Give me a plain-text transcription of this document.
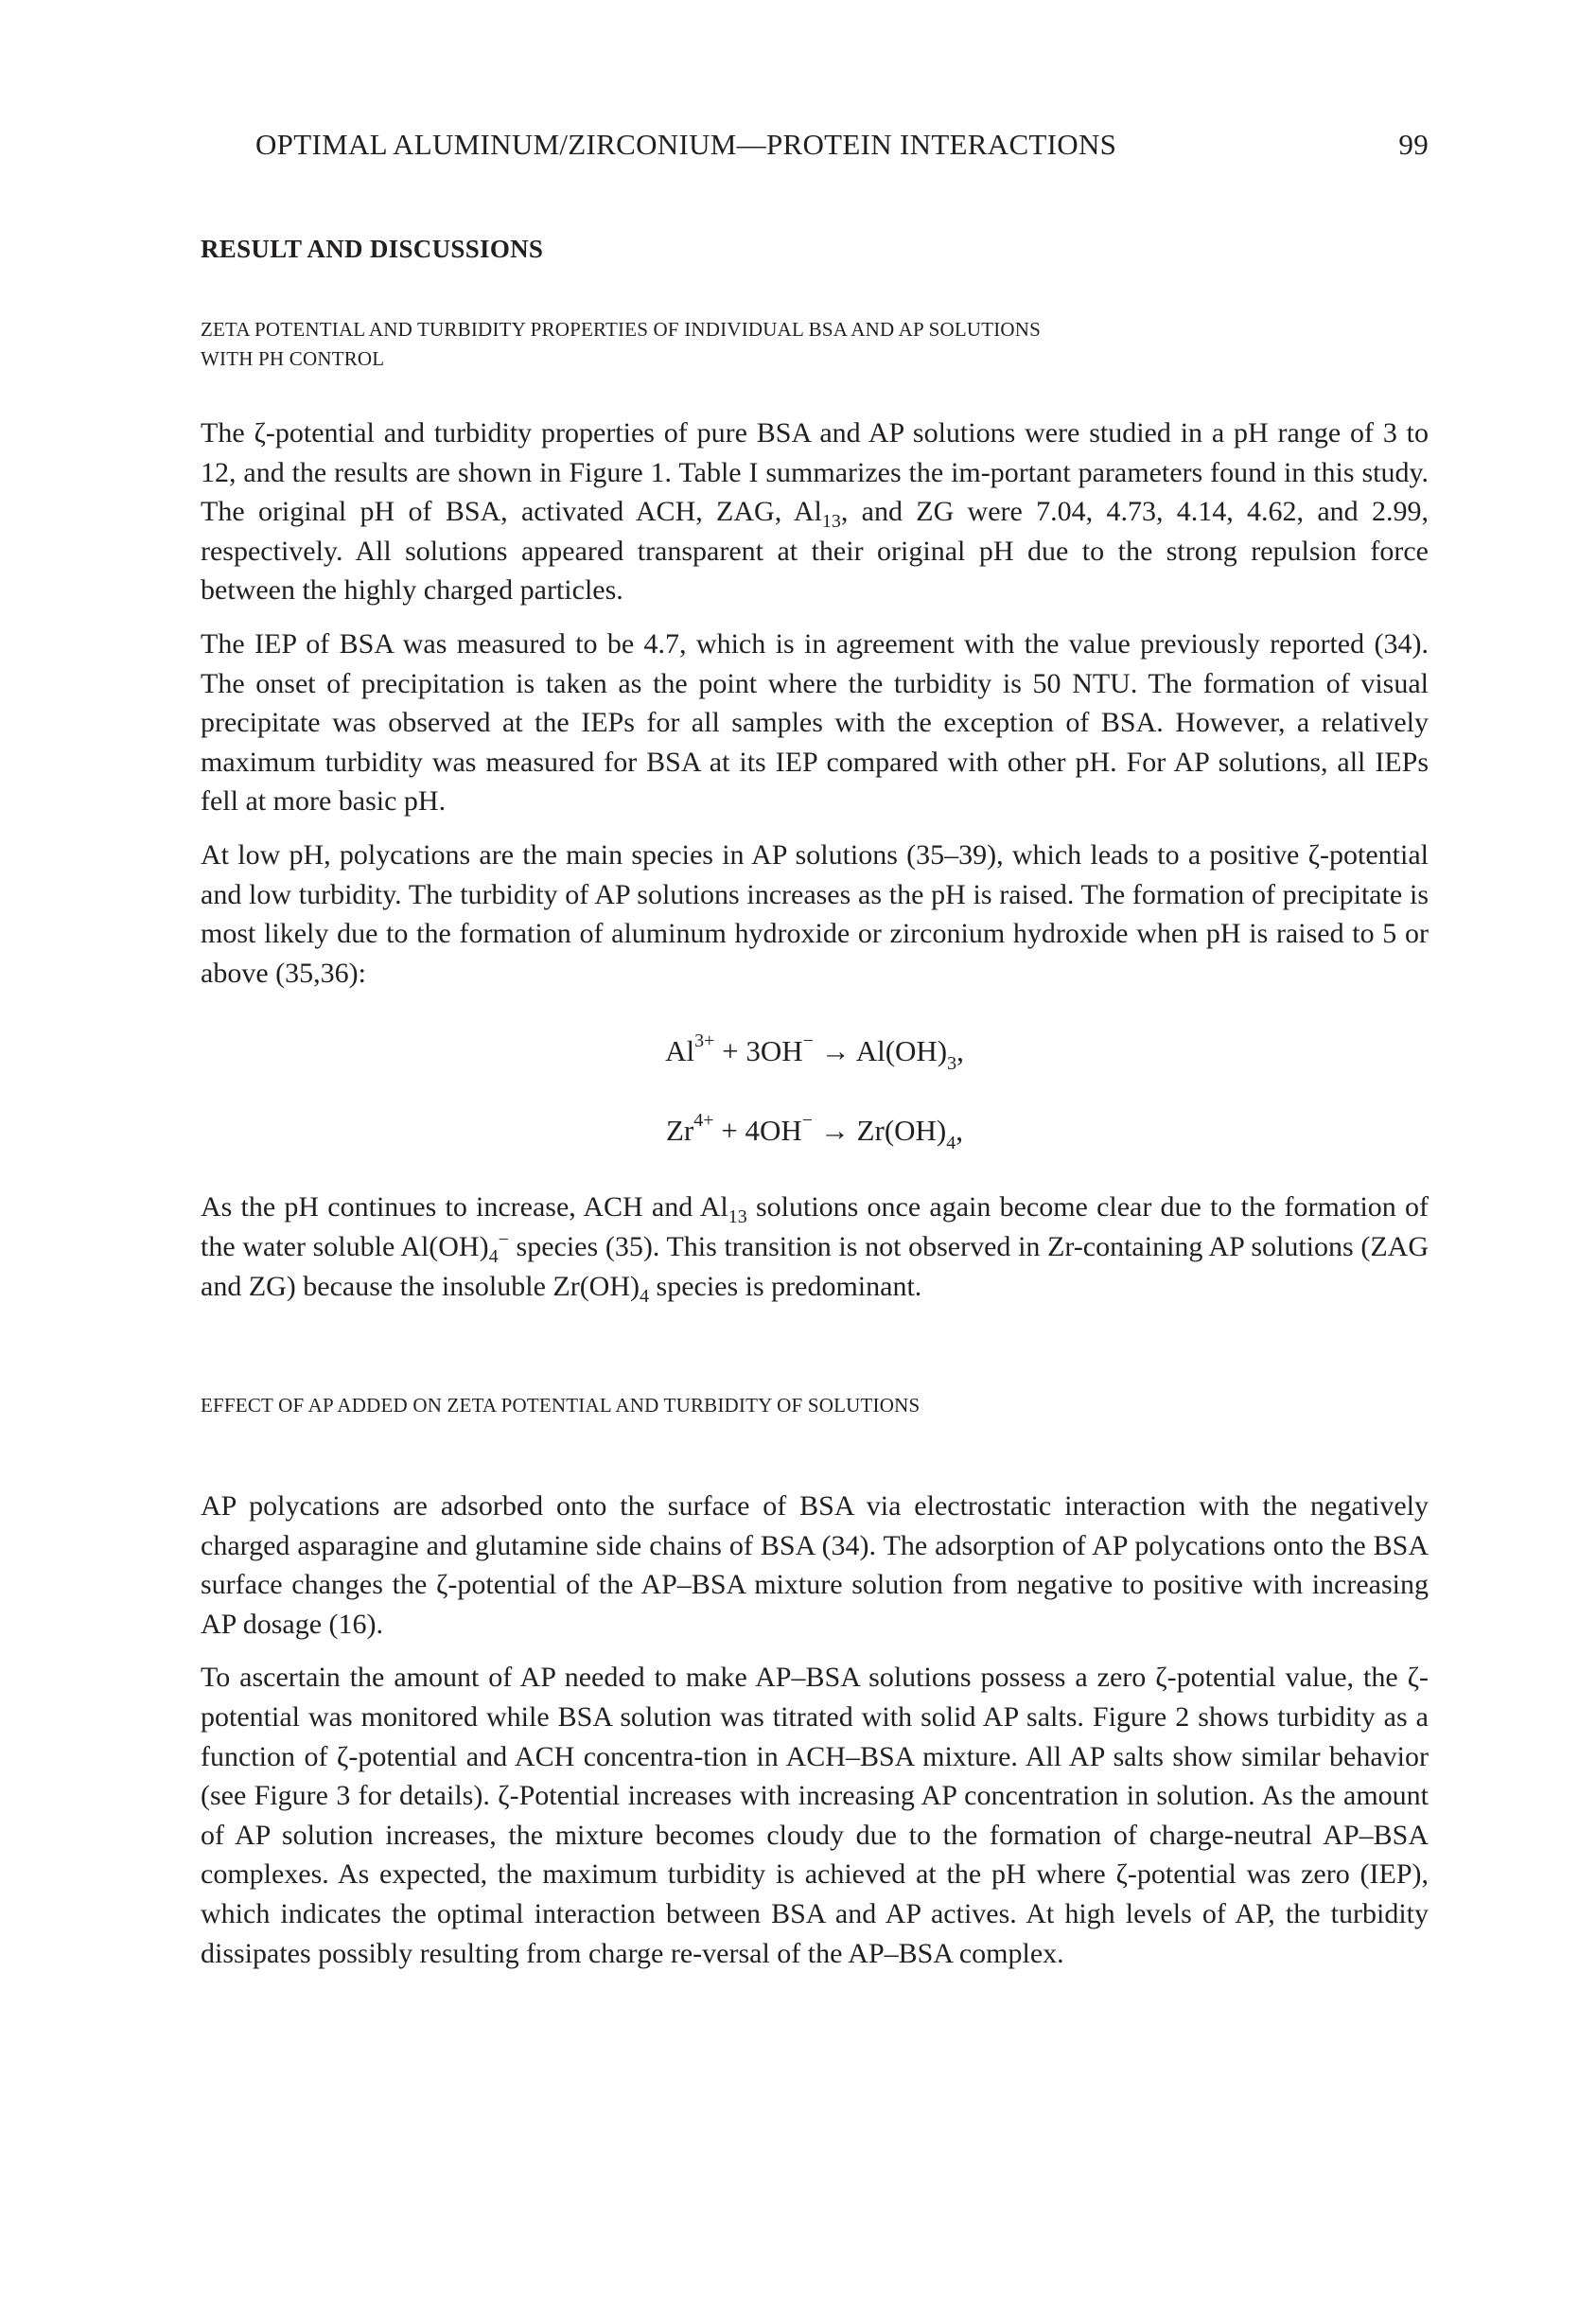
OPTIMAL ALUMINUM/ZIRCONIUM—PROTEIN INTERACTIONS	99
RESULT AND DISCUSSIONS
ZETA POTENTIAL AND TURBIDITY PROPERTIES OF INDIVIDUAL BSA AND AP SOLUTIONS
WITH PH CONTROL
The ζ-potential and turbidity properties of pure BSA and AP solutions were studied in a pH range of 3 to 12, and the results are shown in Figure 1. Table I summarizes the im-portant parameters found in this study. The original pH of BSA, activated ACH, ZAG, $Al_{13}$, and ZG were 7.04, 4.73, 4.14, 4.62, and 2.99, respectively. All solutions appeared transparent at their original pH due to the strong repulsion force between the highly charged particles.
The IEP of BSA was measured to be 4.7, which is in agreement with the value previously reported (34). The onset of precipitation is taken as the point where the turbidity is 50 NTU. The formation of visual precipitate was observed at the IEPs for all samples with the exception of BSA. However, a relatively maximum turbidity was measured for BSA at its IEP compared with other pH. For AP solutions, all IEPs fell at more basic pH.
At low pH, polycations are the main species in AP solutions (35–39), which leads to a positive ζ-potential and low turbidity. The turbidity of AP solutions increases as the pH is raised. The formation of precipitate is most likely due to the formation of aluminum hydroxide or zirconium hydroxide when pH is raised to 5 or above (35,36):
$Al^{3+} + 3OH^- \to Al(OH)_3$,
$Zr^{4+} + 4OH^- \to Zr(OH)_4$,
As the pH continues to increase, ACH and $Al_{13}$ solutions once again become clear due to the formation of the water soluble $Al(OH)_4^-$ species (35). This transition is not observed in Zr-containing AP solutions (ZAG and ZG) because the insoluble $Zr(OH)_4$ species is predominant.
EFFECT OF AP ADDED ON ZETA POTENTIAL AND TURBIDITY OF SOLUTIONS
AP polycations are adsorbed onto the surface of BSA via electrostatic interaction with the negatively charged asparagine and glutamine side chains of BSA (34). The adsorption of AP polycations onto the BSA surface changes the ζ-potential of the AP–BSA mixture solution from negative to positive with increasing AP dosage (16).
To ascertain the amount of AP needed to make AP–BSA solutions possess a zero ζ-potential value, the ζ-potential was monitored while BSA solution was titrated with solid AP salts. Figure 2 shows turbidity as a function of ζ-potential and ACH concentra-tion in ACH–BSA mixture. All AP salts show similar behavior (see Figure 3 for details). ζ-Potential increases with increasing AP concentration in solution. As the amount of AP solution increases, the mixture becomes cloudy due to the formation of charge-neutral AP–BSA complexes. As expected, the maximum turbidity is achieved at the pH where ζ-potential was zero (IEP), which indicates the optimal interaction between BSA and AP actives. At high levels of AP, the turbidity dissipates possibly resulting from charge re-versal of the AP–BSA complex.
